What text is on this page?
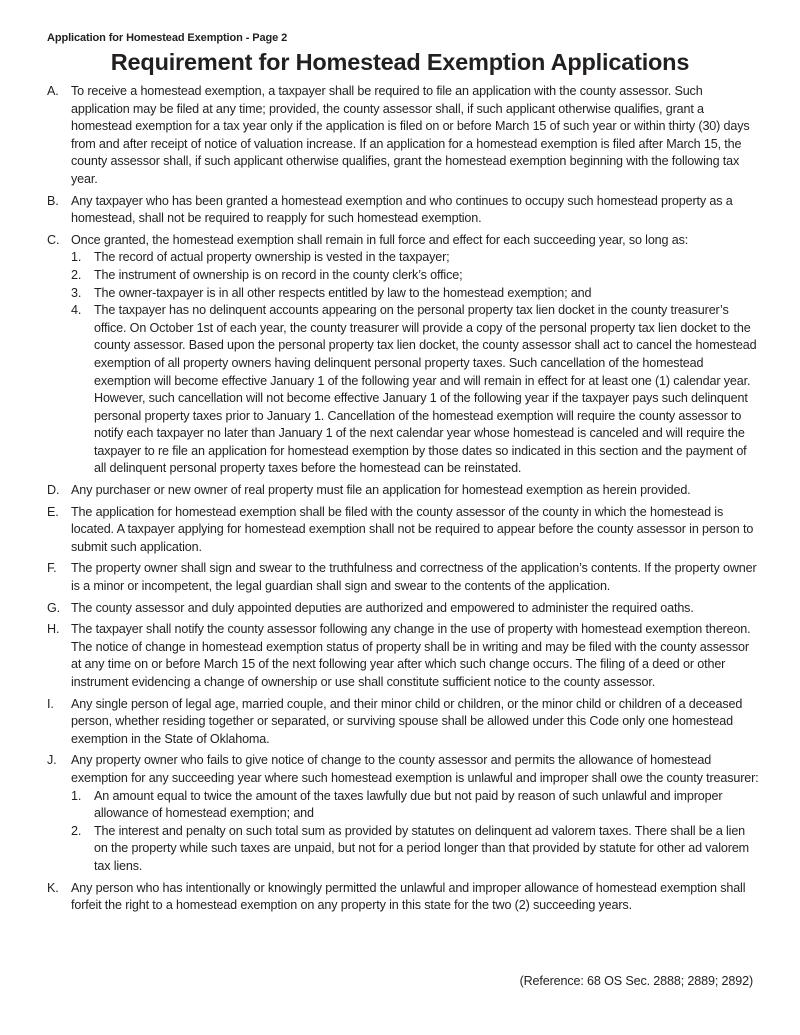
Application for Homestead Exemption - Page 2
Requirement for Homestead Exemption Applications
A. To receive a homestead exemption, a taxpayer shall be required to file an application with the county assessor. Such application may be filed at any time; provided, the county assessor shall, if such applicant otherwise qualifies, grant a homestead exemption for a tax year only if the application is filed on or before March 15 of such year or within thirty (30) days from and after receipt of notice of valuation increase. If an application for a homestead exemption is filed after March 15, the county assessor shall, if such applicant otherwise qualifies, grant the homestead exemption beginning with the following tax year.
B. Any taxpayer who has been granted a homestead exemption and who continues to occupy such homestead property as a homestead, shall not be required to reapply for such homestead exemption.
C. Once granted, the homestead exemption shall remain in full force and effect for each succeeding year, so long as:
1.	The record of actual property ownership is vested in the taxpayer;
2.	The instrument of ownership is on record in the county clerk’s office;
3.	The owner-taxpayer is in all other respects entitled by law to the homestead exemption; and
4.	The taxpayer has no delinquent accounts appearing on the personal property tax lien docket in the county treasurer’s office. On October 1st of each year, the county treasurer will provide a copy of the personal property tax lien docket to the county assessor. Based upon the personal property tax lien docket, the county assessor shall act to cancel the homestead exemption of all property owners having delinquent personal property taxes. Such cancellation of the homestead exemption will become effective January 1 of the following year and will remain in effect for at least one (1) calendar year. However, such cancellation will not become effective January 1 of the following year if the taxpayer pays such delinquent personal property taxes prior to January 1. Cancellation of the homestead exemption will require the county assessor to notify each taxpayer no later than January 1 of the next calendar year whose homestead is canceled and will require the taxpayer to re file an application for homestead exemption by those dates so indicated in this section and the payment of all delinquent personal property taxes before the homestead can be reinstated.
D. Any purchaser or new owner of real property must file an application for homestead exemption as herein provided.
E. The application for homestead exemption shall be filed with the county assessor of the county in which the homestead is located. A taxpayer applying for homestead exemption shall not be required to appear before the county assessor in person to submit such application.
F.	The property owner shall sign and swear to the truthfulness and correctness of the application’s contents. If the property owner is a minor or incompetent, the legal guardian shall sign and swear to the contents of the application.
G. The county assessor and duly appointed deputies are authorized and empowered to administer the required oaths.
H. The taxpayer shall notify the county assessor following any change in the use of property with homestead exemption thereon. The notice of change in homestead exemption status of property shall be in writing and may be filed with the county assessor at any time on or before March 15 of the next following year after which such change occurs. The filing of a deed or other instrument evidencing a change of ownership or use shall constitute sufficient notice to the county assessor.
I.	Any single person of legal age, married couple, and their minor child or children, or the minor child or children of a deceased person, whether residing together or separated, or surviving spouse shall be allowed under this Code only one homestead exemption in the State of Oklahoma.
J.	Any property owner who fails to give notice of change to the county assessor and permits the allowance of homestead exemption for any succeeding year where such homestead exemption is unlawful and improper shall owe the county treasurer:
1.	An amount equal to twice the amount of the taxes lawfully due but not paid by reason of such unlawful and improper allowance of homestead exemption; and
2.	The interest and penalty on such total sum as provided by statutes on delinquent ad valorem taxes. There shall be a lien on the property while such taxes are unpaid, but not for a period longer than that provided by statute for other ad valorem tax liens.
K. Any person who has intentionally or knowingly permitted the unlawful and improper allowance of homestead exemption shall forfeit the right to a homestead exemption on any property in this state for the two (2) succeeding years.
(Reference: 68 OS Sec. 2888; 2889; 2892)
